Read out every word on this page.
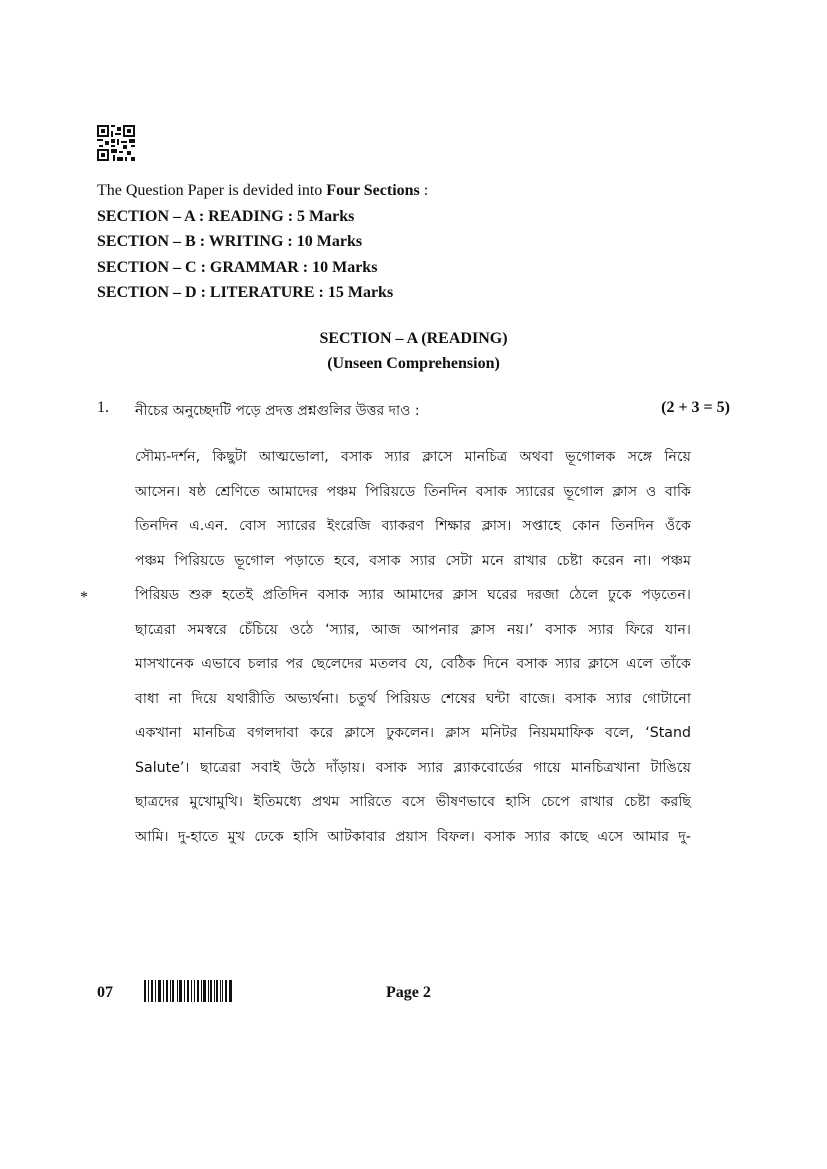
The Question Paper is devided into Four Sections :
SECTION – A : READING : 5 Marks
SECTION – B : WRITING : 10 Marks
SECTION – C : GRAMMAR : 10 Marks
SECTION – D : LITERATURE : 15 Marks
SECTION – A (READING)
(Unseen Comprehension)
1. নীচের অনুচ্ছেদটি পড়ে প্রদত্ত প্রশ্নগুলির উত্তর দাও :	(2 + 3 = 5)
*
সৌম্য-দর্শন, কিছুটা আত্মভোলা, বসাক স্যার ক্লাসে মানচিত্র অথবা ভূগোলক সঙ্গে নিয়ে
আসেন। ষষ্ঠ শ্রেণিতে আমাদের পঞ্চম পিরিয়ডে তিনদিন বসাক স্যারের ভূগোল ক্লাস ও বাকি
তিনদিন এ.এন. বোস স্যারের ইংরেজি ব্যাকরণ শিক্ষার ক্লাস। সপ্তাহে কোন তিনদিন ওঁকে
পঞ্চম পিরিয়ডে ভূগোল পড়াতে হবে, বসাক স্যার সেটা মনে রাখার চেষ্টা করেন না। পঞ্চম
পিরিয়ড শুরু হতেই প্রতিদিন বসাক স্যার আমাদের ক্লাস ঘরের দরজা ঠেলে ঢুকে পড়তেন।
ছাত্রেরা সমস্বরে চেঁচিয়ে ওঠে ‘স্যার, আজ আপনার ক্লাস নয়।’ বসাক স্যার ফিরে যান।
মাসখানেক এভাবে চলার পর ছেলেদের মতলব যে, বেঠিক দিনে বসাক স্যার ক্লাসে এলে তাঁকে
বাধা না দিয়ে যথারীতি অভ্যর্থনা। চতুর্থ পিরিয়ড শেষের ঘন্টা বাজে। বসাক স্যার গোটানো
একখানা মানচিত্র বগলদাবা করে ক্লাসে ঢুকলেন। ক্লাস মনিটর নিয়মমাফিক বলে, ‘Stand
Salute’। ছাত্রেরা সবাই উঠে দাঁড়ায়। বসাক স্যার ব্ল্যাকবোর্ডের গায়ে মানচিত্রখানা টাঙিয়ে
ছাত্রদের মুখোমুখি। ইতিমধ্যে প্রথম সারিতে বসে ভীষণভাবে হাসি চেপে রাখার চেষ্টা করছি
আমি। দু-হাতে মুখ ঢেকে হাসি আটকাবার প্রয়াস বিফল। বসাক স্যার কাছে এসে আমার দু-
07	Page 2
